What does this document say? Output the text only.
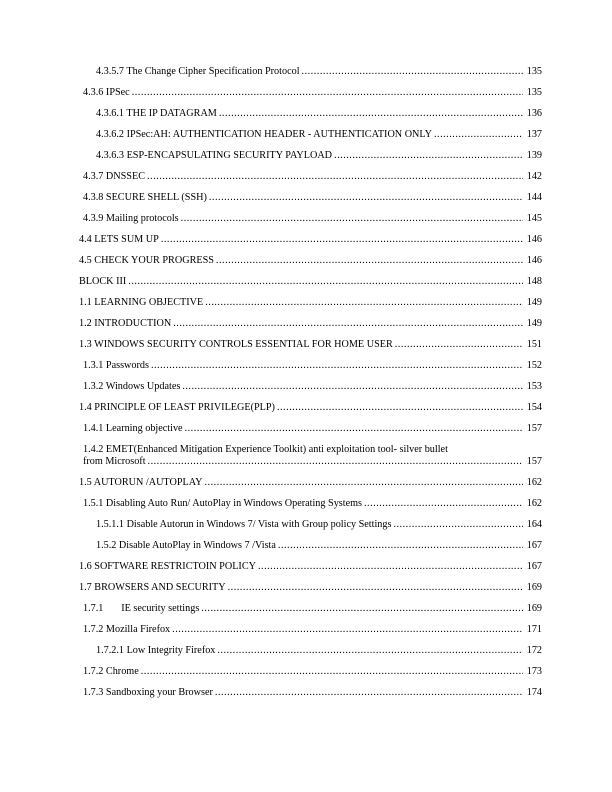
4.3.5.7 The Change Cipher Specification Protocol .....	135
4.3.6 IPSec .....	135
4.3.6.1 THE IP DATAGRAM .....	136
4.3.6.2 IPSec:AH: AUTHENTICATION HEADER - AUTHENTICATION ONLY .....	137
4.3.6.3 ESP-ENCAPSULATING SECURITY PAYLOAD .....	139
4.3.7 DNSSEC .....	142
4.3.8 SECURE SHELL (SSH) .....	144
4.3.9 Mailing protocols .....	145
4.4 LETS SUM UP .....	146
4.5 CHECK YOUR PROGRESS .....	146
BLOCK III .....	148
1.1 LEARNING OBJECTIVE .....	149
1.2 INTRODUCTION .....	149
1.3 WINDOWS SECURITY CONTROLS ESSENTIAL FOR HOME USER .....	151
1.3.1 Passwords .....	152
1.3.2 Windows Updates .....	153
1.4 PRINCIPLE OF LEAST PRIVILEGE(PLP) .....	154
1.4.1 Learning objective .....	157
1.4.2 EMET(Enhanced Mitigation Experience Toolkit) anti exploitation tool- silver bullet
from Microsoft .....	157
1.5 AUTORUN /AUTOPLAY .....	162
1.5.1 Disabling Auto Run/ AutoPlay in Windows Operating Systems .....	162
1.5.1.1 Disable Autorun in Windows 7/ Vista with Group policy Settings .....	164
1.5.2 Disable AutoPlay in Windows 7 /Vista .....	167
1.6 SOFTWARE RESTRICTOIN POLICY .....	167
1.7 BROWSERS AND SECURITY .....	169
1.7.1       IE security settings .....	169
1.7.2 Mozilla Firefox .....	171
1.7.2.1 Low Integrity Firefox .....	172
1.7.2 Chrome .....	173
1.7.3 Sandboxing your Browser .....	174
